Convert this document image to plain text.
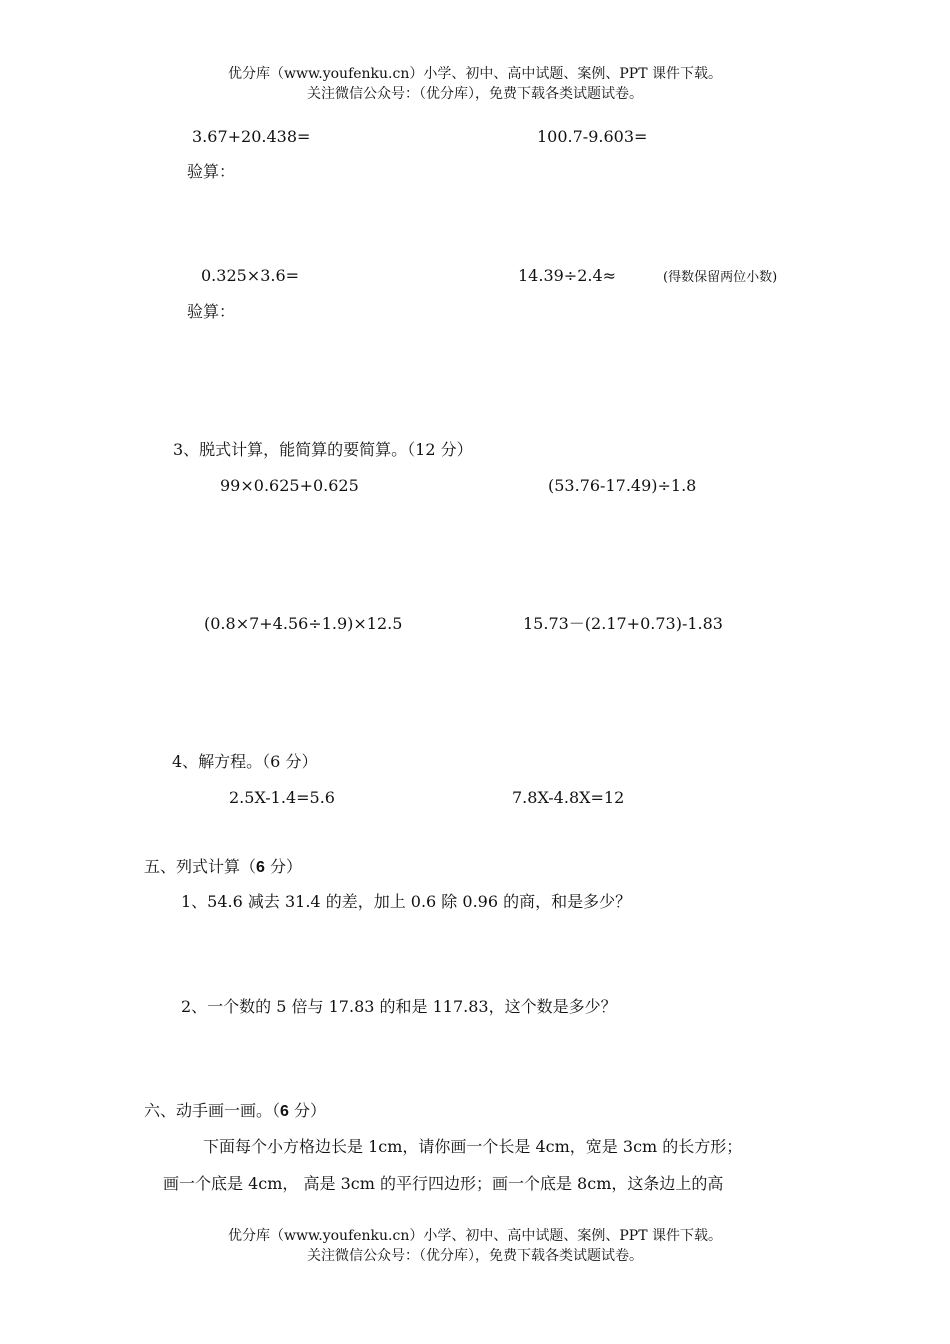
优分库（www.youfenku.cn）小学、初中、高中试题、案例、PPT 课件下载。
关注微信公众号：（优分库），免费下载各类试题试卷。
3.67+20.438=	100.7-9.603=
验算：
0.325×3.6=	14.39÷2.4≈	(得数保留两位小数)
验算：
3、脱式计算，能简算的要简算。（12 分）
99×0.625+0.625	(53.76-17.49)÷1.8
(0.8×7+4.56÷1.9)×12.5	15.73－(2.17+0.73)-1.83
4、解方程。（6 分）
2.5X-1.4=5.6	7.8X-4.8X=12
五、列式计算（6 分）
1、54.6 减去 31.4 的差，加上 0.6 除 0.96 的商，和是多少？
2、一个数的 5 倍与 17.83 的和是 117.83，这个数是多少？
六、动手画一画。（6 分）
下面每个小方格边长是 1cm，请你画一个长是 4cm，宽是 3cm 的长方形；
画一个底是 4cm， 高是 3cm 的平行四边形；画一个底是 8cm，这条边上的高
优分库（www.youfenku.cn）小学、初中、高中试题、案例、PPT 课件下载。
关注微信公众号：（优分库），免费下载各类试题试卷。
